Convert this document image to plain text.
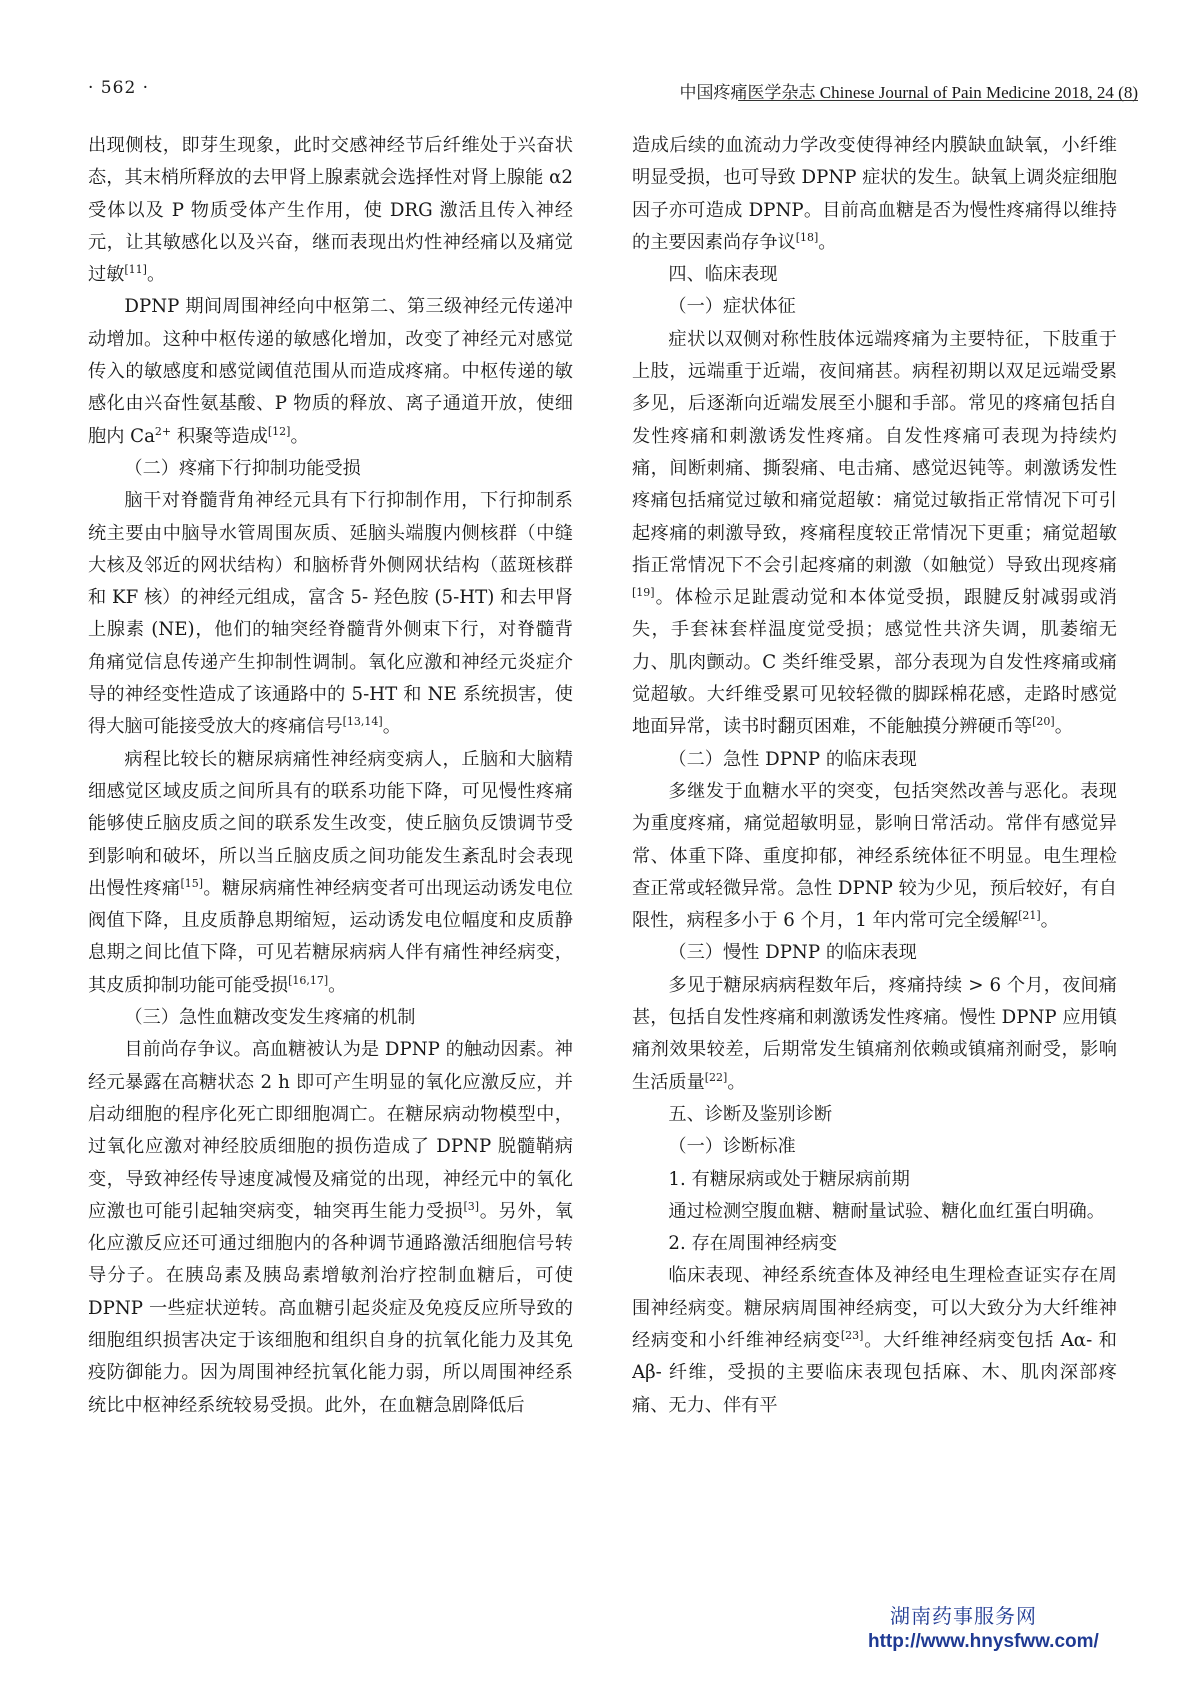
· 562 ·	中国疼痛医学杂志 Chinese Journal of Pain Medicine 2018, 24 (8)

出现侧枝，即芽生现象，此时交感神经节后纤维处于兴奋状态，其末梢所释放的去甲肾上腺素就会选择性对肾上腺能 α2 受体以及 P 物质受体产生作用，使 DRG 激活且传入神经元，让其敏感化以及兴奋，继而表现出灼性神经痛以及痛觉过敏[11]。

DPNP 期间周围神经向中枢第二、第三级神经元传递冲动增加。这种中枢传递的敏感化增加，改变了神经元对感觉传入的敏感度和感觉阈值范围从而造成疼痛。中枢传递的敏感化由兴奋性氨基酸、P 物质的释放、离子通道开放，使细胞内 $Ca^{2+}$ 积聚等造成[12]。

（二）疼痛下行抑制功能受损

脑干对脊髓背角神经元具有下行抑制作用，下行抑制系统主要由中脑导水管周围灰质、延脑头端腹内侧核群（中缝大核及邻近的网状结构）和脑桥背外侧网状结构（蓝斑核群和 KF 核）的神经元组成，富含 5- 羟色胺 (5-HT) 和去甲肾上腺素 (NE)，他们的轴突经脊髓背外侧束下行，对脊髓背角痛觉信息传递产生抑制性调制。氧化应激和神经元炎症介导的神经变性造成了该通路中的 5-HT 和 NE 系统损害，使得大脑可能接受放大的疼痛信号[13,14]。

病程比较长的糖尿病痛性神经病变病人，丘脑和大脑精细感觉区域皮质之间所具有的联系功能下降，可见慢性疼痛能够使丘脑皮质之间的联系发生改变，使丘脑负反馈调节受到影响和破坏，所以当丘脑皮质之间功能发生紊乱时会表现出慢性疼痛[15]。糖尿病痛性神经病变者可出现运动诱发电位阀值下降，且皮质静息期缩短，运动诱发电位幅度和皮质静息期之间比值下降，可见若糖尿病病人伴有痛性神经病变，其皮质抑制功能可能受损[16,17]。

（三）急性血糖改变发生疼痛的机制

目前尚存争议。高血糖被认为是 DPNP 的触动因素。神经元暴露在高糖状态 2 h 即可产生明显的氧化应激反应，并启动细胞的程序化死亡即细胞凋亡。在糖尿病动物模型中，过氧化应激对神经胶质细胞的损伤造成了 DPNP 脱髓鞘病变，导致神经传导速度减慢及痛觉的出现，神经元中的氧化应激也可能引起轴突病变，轴突再生能力受损[3]。另外，氧化应激反应还可通过细胞内的各种调节通路激活细胞信号转导分子。在胰岛素及胰岛素增敏剂治疗控制血糖后，可使 DPNP 一些症状逆转。高血糖引起炎症及免疫反应所导致的细胞组织损害决定于该细胞和组织自身的抗氧化能力及其免疫防御能力。因为周围神经抗氧化能力弱，所以周围神经系统比中枢神经系统较易受损。此外，在血糖急剧降低后

造成后续的血流动力学改变使得神经内膜缺血缺氧，小纤维明显受损，也可导致 DPNP 症状的发生。缺氧上调炎症细胞因子亦可造成 DPNP。目前高血糖是否为慢性疼痛得以维持的主要因素尚存争议[18]。

四、临床表现
（一）症状体征

症状以双侧对称性肢体远端疼痛为主要特征，下肢重于上肢，远端重于近端，夜间痛甚。病程初期以双足远端受累多见，后逐渐向近端发展至小腿和手部。常见的疼痛包括自发性疼痛和刺激诱发性疼痛。自发性疼痛可表现为持续灼痛，间断刺痛、撕裂痛、电击痛、感觉迟钝等。刺激诱发性疼痛包括痛觉过敏和痛觉超敏：痛觉过敏指正常情况下可引起疼痛的刺激导致，疼痛程度较正常情况下更重；痛觉超敏指正常情况下不会引起疼痛的刺激（如触觉）导致出现疼痛[19]。体检示足趾震动觉和本体觉受损，跟腱反射减弱或消失，手套袜套样温度觉受损；感觉性共济失调，肌萎缩无力、肌肉颤动。C 类纤维受累，部分表现为自发性疼痛或痛觉超敏。大纤维受累可见较轻微的脚踩棉花感，走路时感觉地面异常，读书时翻页困难，不能触摸分辨硬币等[20]。

（二）急性 DPNP 的临床表现

多继发于血糖水平的突变，包括突然改善与恶化。表现为重度疼痛，痛觉超敏明显，影响日常活动。常伴有感觉异常、体重下降、重度抑郁，神经系统体征不明显。电生理检查正常或轻微异常。急性 DPNP 较为少见，预后较好，有自限性，病程多小于 6 个月，1 年内常可完全缓解[21]。

（三）慢性 DPNP 的临床表现

多见于糖尿病病程数年后，疼痛持续 > 6 个月，夜间痛甚，包括自发性疼痛和刺激诱发性疼痛。慢性 DPNP 应用镇痛剂效果较差，后期常发生镇痛剂依赖或镇痛剂耐受，影响生活质量[22]。

五、诊断及鉴别诊断
（一）诊断标准
1. 有糖尿病或处于糖尿病前期

通过检测空腹血糖、糖耐量试验、糖化血红蛋白明确。

2. 存在周围神经病变

临床表现、神经系统查体及神经电生理检查证实存在周围神经病变。糖尿病周围神经病变，可以大致分为大纤维神经病变和小纤维神经病变[23]。大纤维神经病变包括 Aα- 和 Aβ- 纤维，受损的主要临床表现包括麻、木、肌肉深部疼痛、无力、伴有平

湖南药事服务网
http://www.hnysfww.com/
